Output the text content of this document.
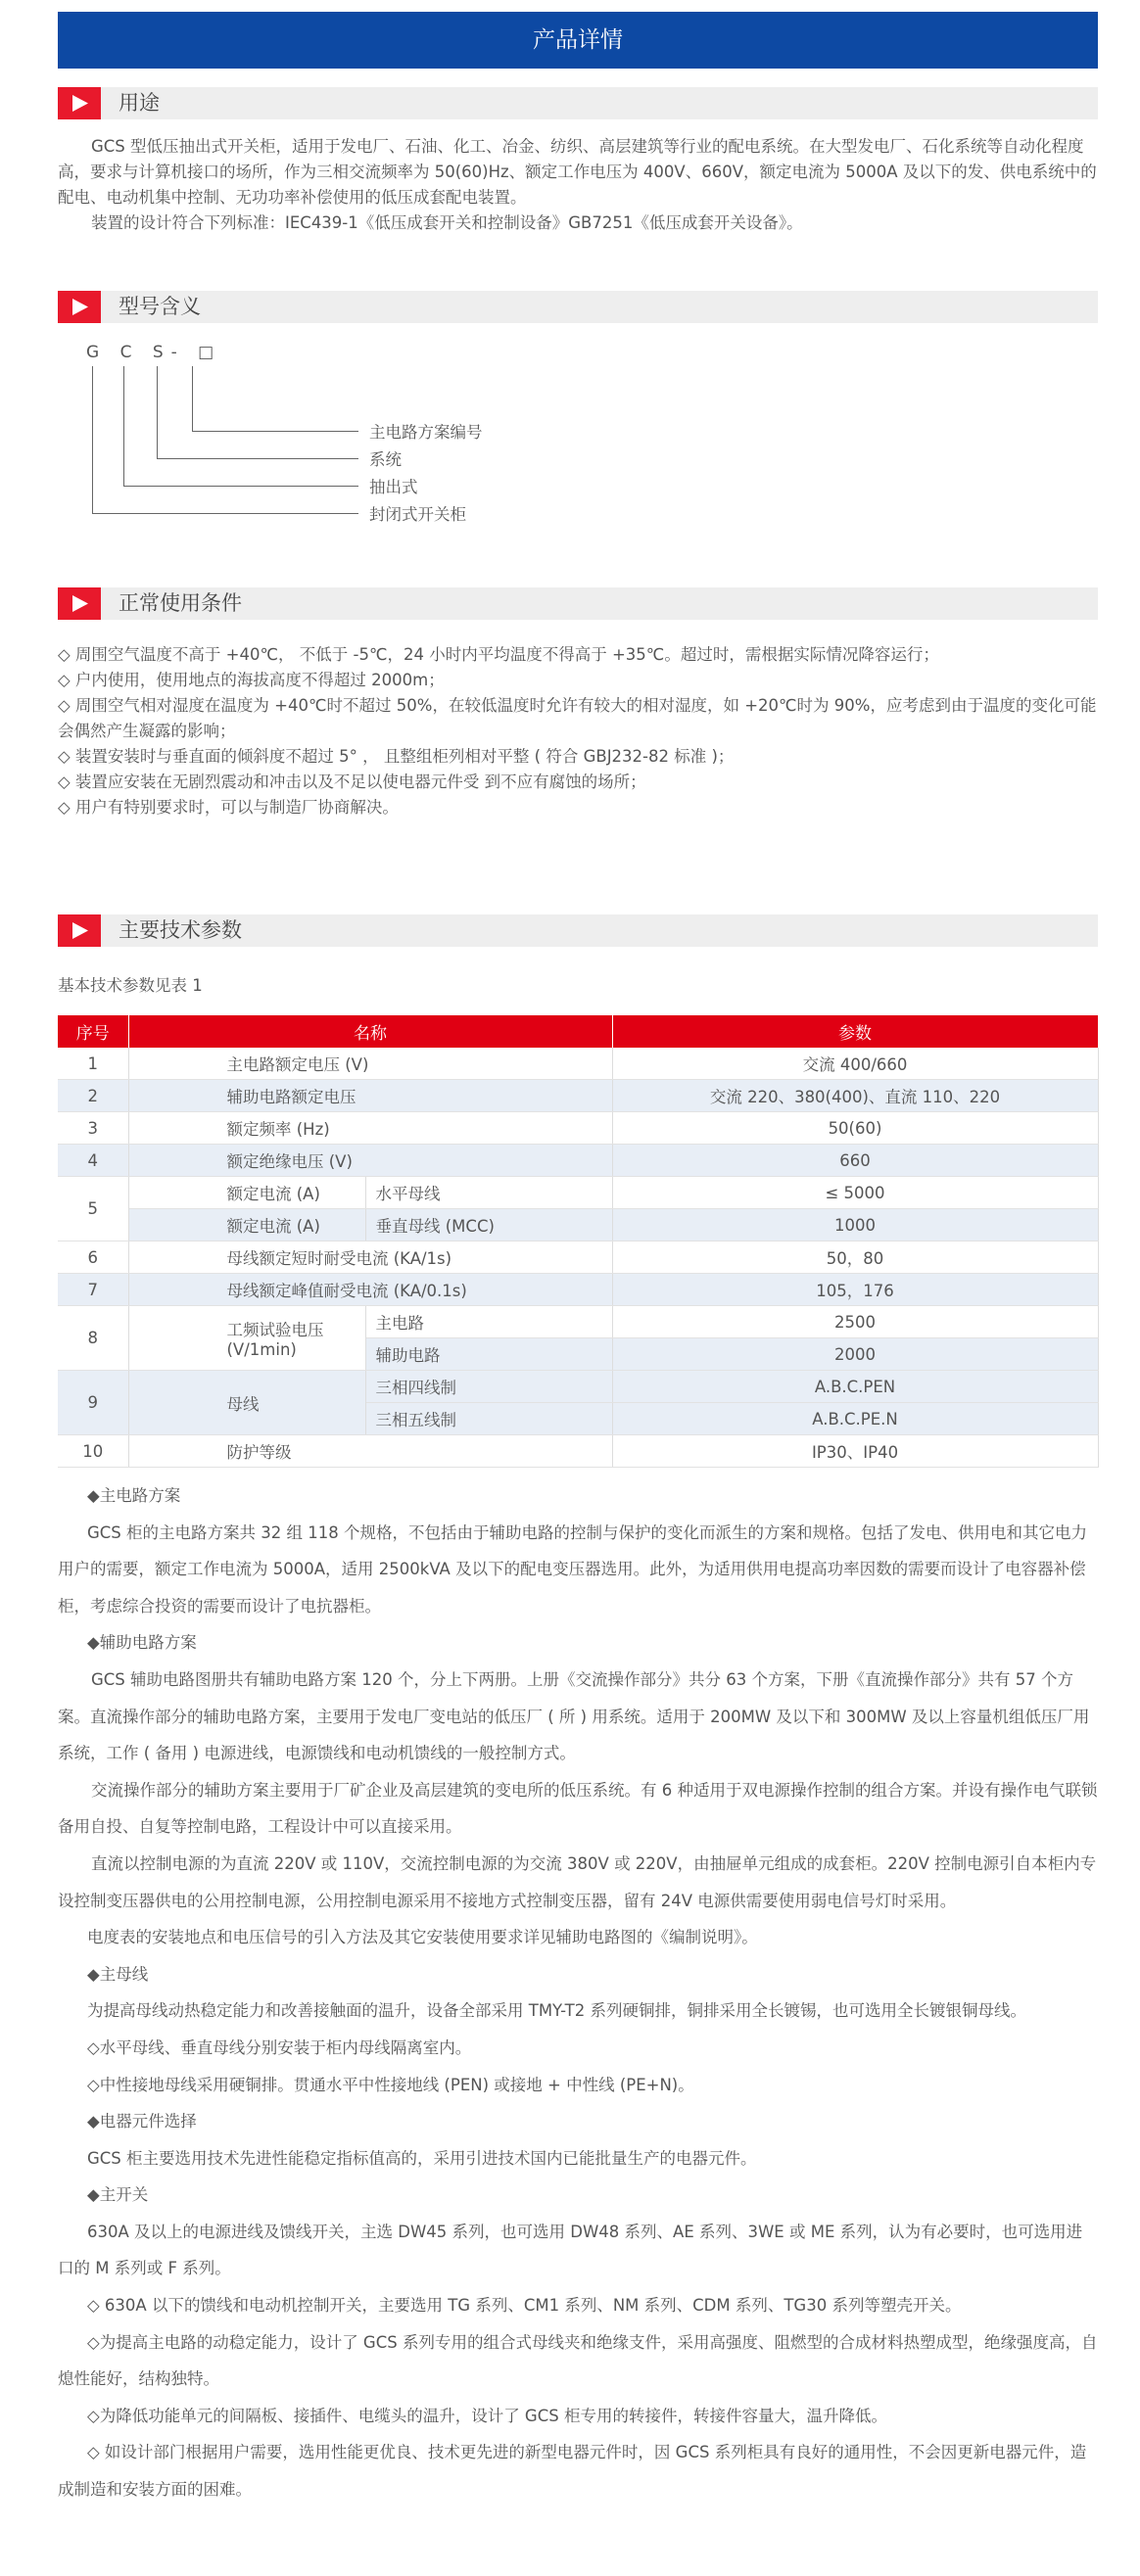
产品详情
用途

GCS 型低压抽出式开关柜，适用于发电厂、石油、化工、冶金、纺织、高层建筑等行业的配电系统。在大型发电厂、石化系统等自动化程度高，要求与计算机接口的场所，作为三相交流频率为 50(60)Hz、额定工作电压为 400V、660V，额定电流为 5000A 及以下的发、供电系统中的配电、电动机集中控制、无功功率补偿使用的低压成套配电装置。

装置的设计符合下列标准：IEC439-1《低压成套开关和控制设备》GB7251《低压成套开关设备》。

型号含义
G C S- □
主电路方案编号
系统
抽出式
封闭式开关柜
正常使用条件
◇ 周围空气温度不高于 +40℃， 不低于 -5℃，24 小时内平均温度不得高于 +35℃。超过时，需根据实际情况降容运行；
◇ 户内使用，使用地点的海拔高度不得超过 2000m；
◇ 周围空气相对湿度在温度为 +40℃时不超过 50%，在较低温度时允许有较大的相对湿度，如 +20℃时为 90%，应考虑到由于温度的变化可能会偶然产生凝露的影响；
◇ 装置安装时与垂直面的倾斜度不超过 5° ， 且整组柜列相对平整 ( 符合 GBJ232-82 标准 )；
◇ 装置应安装在无剧烈震动和冲击以及不足以使电器元件受 到不应有腐蚀的场所；
◇ 用户有特别要求时，可以与制造厂协商解决。
主要技术参数

基本技术参数见表 1

序号	名称		参数
1	主电路额定电压 (V)		交流 400/660
2	辅助电路额定电压		交流 220、380(400)、直流 110、220
3	额定频率 (Hz)		50(60)
4	额定绝缘电压 (V)		660
5	额定电流 (A)	水平母线	≤ 5000
	额定电流 (A)	垂直母线 (MCC)	1000
6	母线额定短时耐受电流 (KA/1s)		50，80
7	母线额定峰值耐受电流 (KA/0.1s)		105，176
8	工频试验电压 (V/1min)	主电路	2500
		辅助电路	2000
9	母线	三相四线制	A.B.C.PEN
		三相五线制	A.B.C.PE.N
10	防护等级		IP30、IP40
◆主电路方案
GCS 柜的主电路方案共 32 组 118 个规格，不包括由于辅助电路的控制与保护的变化而派生的方案和规格。包括了发电、供用电和其它电力用户的需要，额定工作电流为 5000A，适用 2500kVA 及以下的配电变压器选用。此外，为适用供用电提高功率因数的需要而设计了电容器补偿柜，考虑综合投资的需要而设计了电抗器柜。
◆辅助电路方案
GCS 辅助电路图册共有辅助电路方案 120 个，分上下两册。上册《交流操作部分》共分 63 个方案，下册《直流操作部分》共有 57 个方案。直流操作部分的辅助电路方案，主要用于发电厂变电站的低压厂 ( 所 ) 用系统。适用于 200MW 及以下和 300MW 及以上容量机组低压厂用系统，工作 ( 备用 ) 电源进线，电源馈线和电动机馈线的一般控制方式。
交流操作部分的辅助方案主要用于厂矿企业及高层建筑的变电所的低压系统。有 6 种适用于双电源操作控制的组合方案。并设有操作电气联锁备用自投、自复等控制电路，工程设计中可以直接采用。
直流以控制电源的为直流 220V 或 110V，交流控制电源的为交流 380V 或 220V，由抽屉单元组成的成套柜。220V 控制电源引自本柜内专设控制变压器供电的公用控制电源，公用控制电源采用不接地方式控制变压器，留有 24V 电源供需要使用弱电信号灯时采用。
电度表的安装地点和电压信号的引入方法及其它安装使用要求详见辅助电路图的《编制说明》。
◆主母线
为提高母线动热稳定能力和改善接触面的温升，设备全部采用 TMY-T2 系列硬铜排，铜排采用全长镀锡，也可选用全长镀银铜母线。
◇水平母线、垂直母线分别安装于柜内母线隔离室内。
◇中性接地母线采用硬铜排。贯通水平中性接地线 (PEN) 或接地 + 中性线 (PE+N)。
◆电器元件选择
GCS 柜主要选用技术先进性能稳定指标值高的，采用引进技术国内已能批量生产的电器元件。
◆主开关
630A 及以上的电源进线及馈线开关，主选 DW45 系列，也可选用 DW48 系列、AE 系列、3WE 或 ME 系列，认为有必要时，也可选用进口的 M 系列或 F 系列。
◇ 630A 以下的馈线和电动机控制开关，主要选用 TG 系列、CM1 系列、NM 系列、CDM 系列、TG30 系列等塑壳开关。
◇为提高主电路的动稳定能力，设计了 GCS 系列专用的组合式母线夹和绝缘支件，采用高强度、阻燃型的合成材料热塑成型，绝缘强度高，自熄性能好，结构独特。
◇为降低功能单元的间隔板、接插件、电缆头的温升，设计了 GCS 柜专用的转接件，转接件容量大，温升降低。
◇ 如设计部门根据用户需要，选用性能更优良、技术更先进的新型电器元件时，因 GCS 系列柜具有良好的通用性，不会因更新电器元件，造成制造和安装方面的困难。
